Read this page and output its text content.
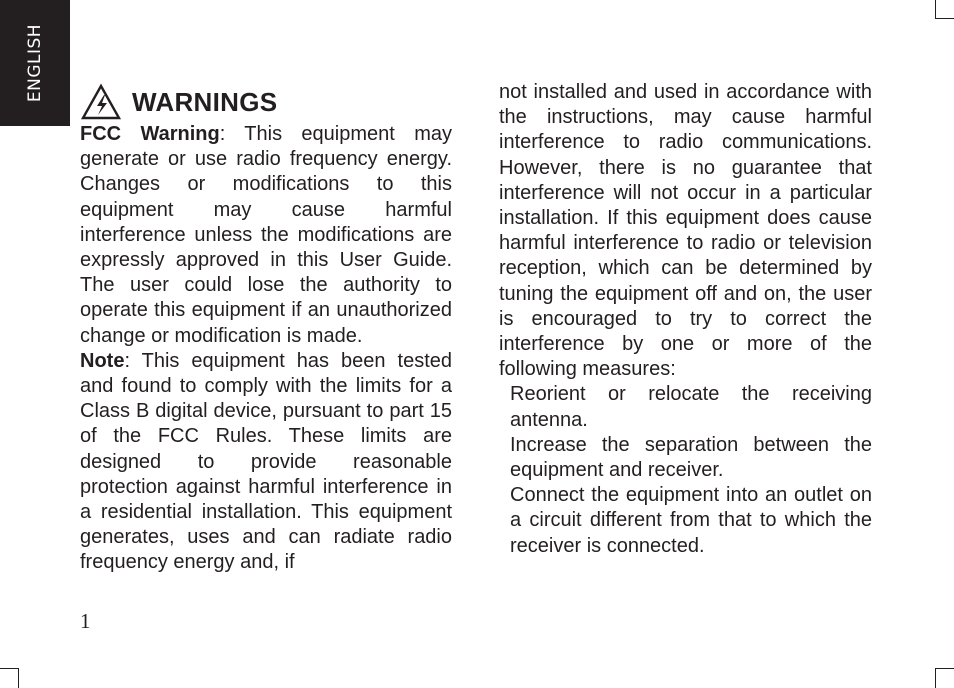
ENGLISH	WARNINGS

FCC Warning: This equipment may generate or use radio frequency energy. Changes or modifications to this equipment may cause harmful interference unless the modifications are expressly approved in this User Guide. The user could lose the authority to operate this equipment if an unauthorized change or modification is made.

Note: This equipment has been tested and found to comply with the limits for a Class B digital device, pursuant to part 15 of the FCC Rules. These limits are designed to provide reasonable protection against harmful interference in a residential installation. This equipment generates, uses and can radiate radio frequency energy and, if

not installed and used in accordance with the instructions, may cause harmful interference to radio communications. However, there is no guarantee that interference will not occur in a particular installation. If this equipment does cause harmful interference to radio or television reception, which can be determined by tuning the equipment off and on, the user is encouraged to try to correct the interference by one or more of the following measures:

Reorient or relocate the receiving antenna.

Increase the separation between the equipment and receiver.

Connect the equipment into an outlet on a circuit different from that to which the receiver is connected.

1
